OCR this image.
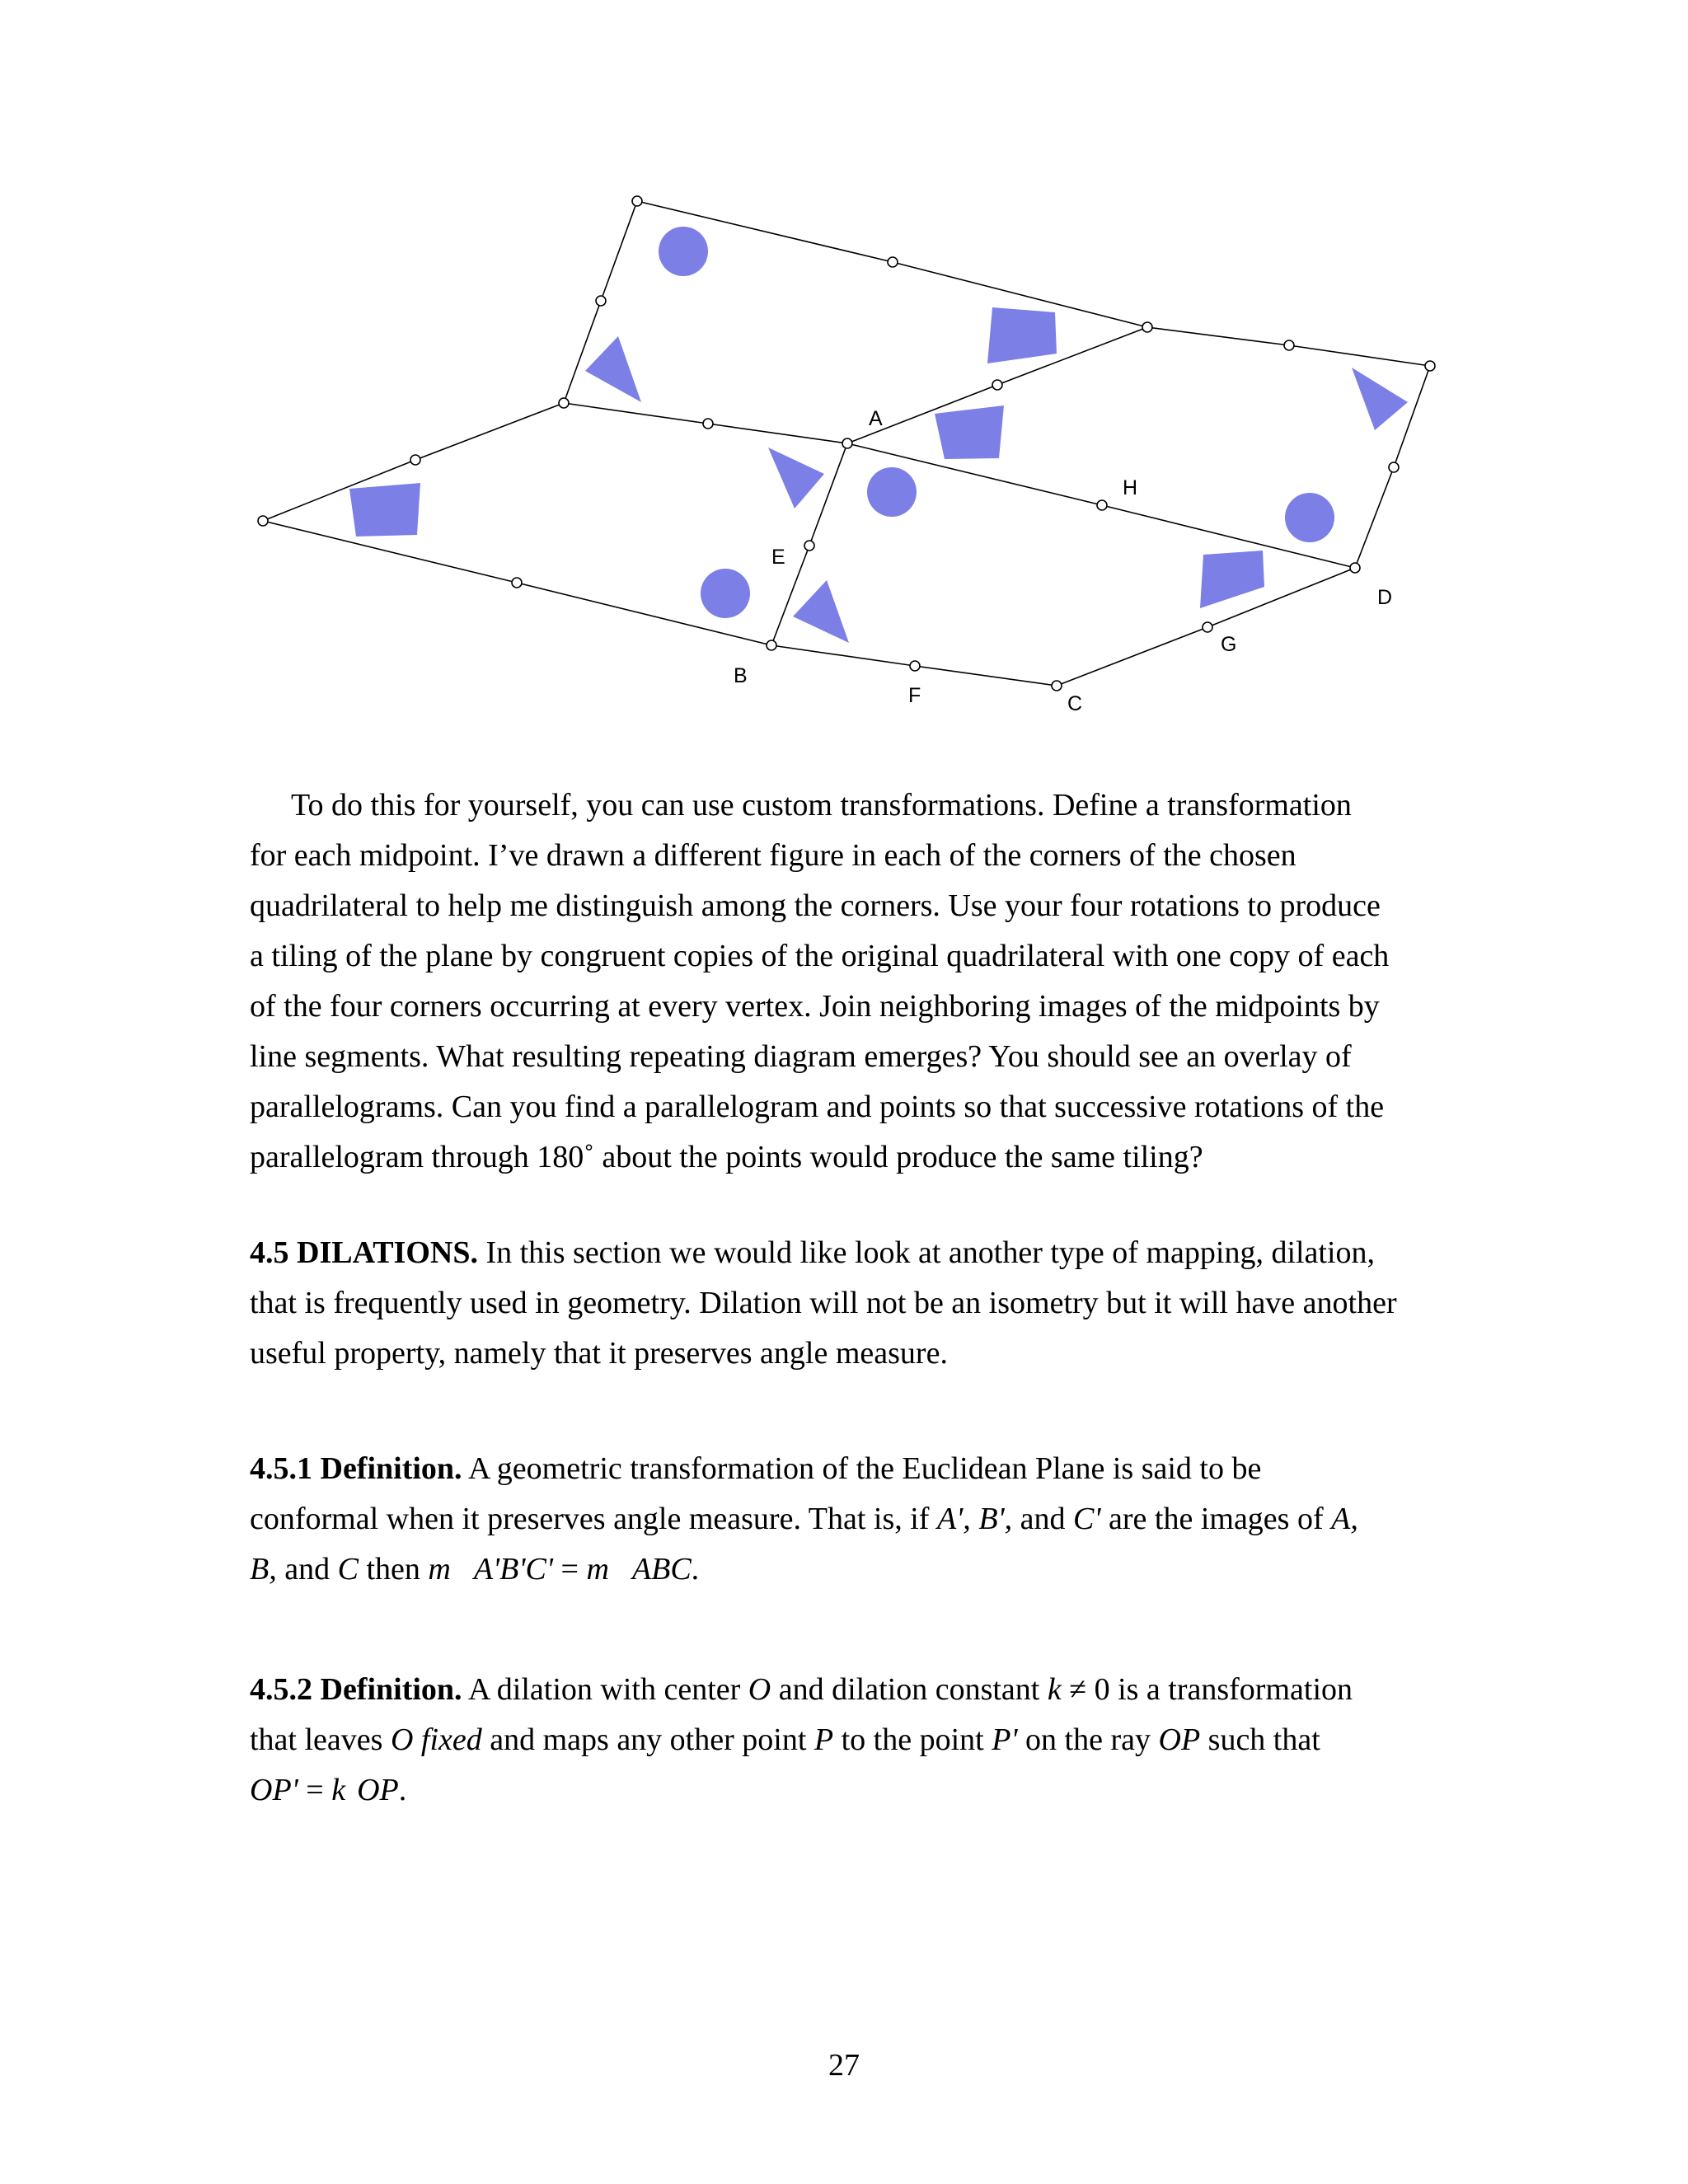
A
B
C
D
E
F
G
H
To do this for yourself, you can use custom transformations. Define a transformation
for each midpoint. I’ve drawn a different figure in each of the corners of the chosen
quadrilateral to help me distinguish among the corners. Use your four rotations to produce
a tiling of the plane by congruent copies of the original quadrilateral with one copy of each
of the four corners occurring at every vertex. Join neighboring images of the midpoints by
line segments. What resulting repeating diagram emerges? You should see an overlay of
parallelograms. Can you find a parallelogram and points so that successive rotations of the
parallelogram through 180˚ about the points would produce the same tiling?
4.5 DILATIONS. In this section we would like look at another type of mapping, dilation,
that is frequently used in geometry. Dilation will not be an isometry but it will have another
useful property, namely that it preserves angle measure.
4.5.1 Definition. A geometric transformation of the Euclidean Plane is said to be
conformal when it preserves angle measure. That is, if A', B', and C' are the images of A,
B, and C then m A'B'C' = m ABC.
4.5.2 Definition. A dilation with center O and dilation constant k ≠ 0 is a transformation
that leaves O fixed and maps any other point P to the point P' on the ray OP such that
OP' = k OP.
27
